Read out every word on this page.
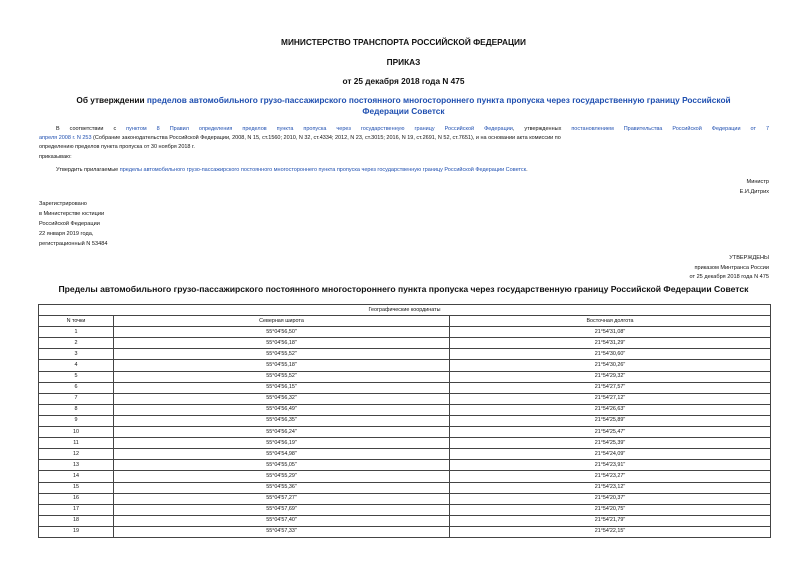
МИНИСТЕРСТВО ТРАНСПОРТА РОССИЙСКОЙ ФЕДЕРАЦИИ
ПРИКАЗ
от 25 декабря 2018 года N 475
Об утверждении пределов автомобильного грузо-пассажирского постоянного многостороннего пункта пропуска через государственную границу Российской
Федерации Советск
В соответствии с пунктом 8 Правил определения пределов пункта пропуска через государственную границу Российской Федерации, утвержденных постановлением Правительства Российской Федерации от 7
апреля 2008 г. N 253 (Собрание законодательства Российской Федерации, 2008, N 15, ст.1560; 2010, N 32, ст.4334; 2012, N 23, ст.3015; 2016, N 19, ст.2691, N 52, ст.7651), и на основании акта комиссии по
определению пределов пункта пропуска от 30 ноября 2018 г.
приказываю:
Утвердить прилагаемые пределы автомобильного грузо-пассажирского постоянного многостороннего пункта пропуска через государственную границу Российской Федерации Советск.
Министр
Е.И.Дитрих
Зарегистрировано
в Министерстве юстиции
Российской Федерации
22 января 2019 года,
регистрационный N 53484
УТВЕРЖДЕНЫ
приказом Минтранса России
от 25 декабря 2018 года N 475
Пределы автомобильного грузо-пассажирского постоянного многостороннего пункта пропуска через государственную границу Российской Федерации Советск
Географические координаты		
N точки	Северная широта	Восточная долгота
1	55°04'56,50"	21°54'31,08"
2	55°04'56,18"	21°54'31,29"
3	55°04'55,52"	21°54'30,60"
4	55°04'55,18"	21°54'30,26"
5	55°04'55,52"	21°54'29,32"
6	55°04'56,15"	21°54'27,57"
7	55°04'56,32"	21°54'27,12"
8	55°04'56,49"	21°54'26,63"
9	55°04'56,35"	21°54'25,89"
10	55°04'56,24"	21°54'25,47"
11	55°04'56,19"	21°54'25,39"
12	55°04'54,98"	21°54'24,09"
13	55°04'55,05"	21°54'23,91"
14	55°04'55,29"	21°54'23,27"
15	55°04'55,36"	21°54'23,12"
16	55°04'57,27"	21°54'20,37"
17	55°04'57,69"	21°54'20,75"
18	55°04'57,40"	21°54'21,79"
19	55°04'57,33"	21°54'22,15"
